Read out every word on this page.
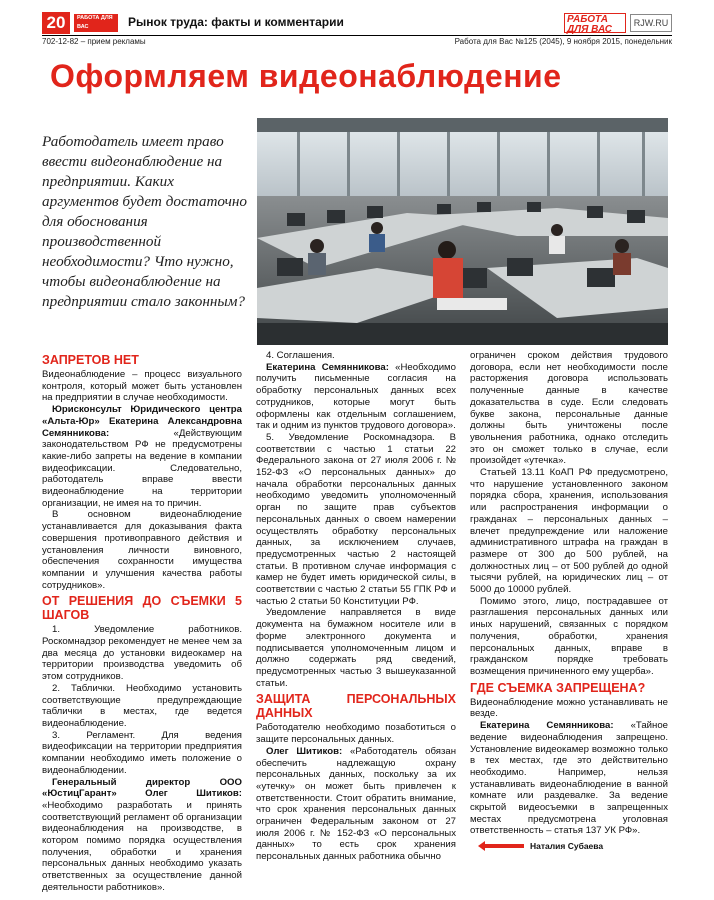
20	РАБОТА ДЛЯ ВАС	Рынок труда: факты и комментарии	РАБОТА ДЛЯ ВАС
RJW.RU
702-12-82 – прием рекламы	Работа для Вас №125 (2045), 9 ноября 2015, понедельник
Оформляем видеонаблюдение
Работодатель имеет право ввести видеонаблюдение на предприятии. Каких аргументов будет достаточно для обоснования производственной необходимости? Что нужно, чтобы видеонаблюдение на предприятии стало законным?
ЗАПРЕТОВ НЕТ

Видеонаблюдение – процесс визуального контроля, который может быть установлен на предприятии в случае необходимости.

Юрисконсульт Юридического центра «Альта-Юр» Екатерина Александровна Семянникова:	«Действующим законодательством РФ не предусмотрены какие-либо запреты на ведение в компании видеофиксации. Следовательно, работодатель вправе ввести видеонаблюдение на территории организации, не имея на то причин.

В основном видеонаблюдение устанавливается для доказывания факта совершения противоправного действия и установления личности виновного, обеспечения сохранности имущества компании и улучшения качества работы сотрудников».

ОТ РЕШЕНИЯ ДО СЪЕМКИ 5 ШАГОВ

1. Уведомление работников. Роскомнадзор рекомендует не менее чем за два месяца до установки видеокамер на территории производства уведомить об этом сотрудников.

2. Таблички. Необходимо установить соответствующие предупреждающие таблички в местах, где ведется видеонаблюдение.

3. Регламент. Для ведения видеофиксации на территории предприятия компании необходимо иметь положение о видеонаблюдении.

Генеральный директор ООО «ЮстицГарант» Олег Шитиков: «Необходимо разработать и принять соответствующий регламент об организации видеонаблюдения на производстве, в котором помимо порядка осуществления получения, обработки и хранения персональных данных необходимо указать ответственных за осуществление данной деятельности работников».

4. Соглашения.

Екатерина Семянникова: «Необходимо получить письменные согласия на обработку персональных данных всех сотрудников, которые могут быть оформлены как отдельным соглашением, так и одним из пунктов трудового договора».

5. Уведомление Роскомнадзора. В соответствии с частью 1 статьи 22 Федерального закона от 27 июля 2006 г. № 152-ФЗ «О персональных данных» до начала обработки персональных данных необходимо уведомить уполномоченный орган по защите прав субъектов персональных данных о своем намерении осуществлять обработку персональных данных, за исключением случаев, предусмотренных частью 2 настоящей статьи. В противном случае информация с камер не будет иметь юридической силы, в соответствии с частью 2 статьи 55 ГПК РФ и частью 2 статьи 50 Конституции РФ.

Уведомление направляется в виде документа на бумажном носителе или в форме электронного документа и подписывается уполномоченным лицом и должно содержать ряд сведений, предусмотренных частью 3 вышеуказанной статьи.

ЗАЩИТА ПЕРСОНАЛЬНЫХ ДАННЫХ

Работодателю необходимо позаботиться о защите персональных данных.

Олег Шитиков: «Работодатель обязан обеспечить надлежащую охрану персональных данных, поскольку за их «утечку» он может быть привлечен к ответственности. Стоит обратить внимание, что срок хранения персональных данных ограничен Федеральным законом от 27 июля 2006 г. № 152-ФЗ «О персональных данных» то есть срок хранения персональных данных работника обычно

ограничен сроком действия трудового договора, если нет необходимости после расторжения договора использовать полученные данные в качестве доказательства в суде. Если следовать букве закона, персональные данные должны быть уничтожены после увольнения работника, однако отследить это он сможет только в случае, если произойдет «утечка».

Статьей 13.11 КоАП РФ предусмотрено, что нарушение установленного законом порядка сбора, хранения, использования или распространения информации о гражданах – персональных данных – влечет предупреждение или наложение административного штрафа на граждан в размере от 300 до 500 рублей, на должностных лиц – от 500 рублей до одной тысячи рублей, на юридических лиц – от 5000 до 10000 рублей.

Помимо этого, лицо, пострадавшее от разглашения персональных данных или иных нарушений, связанных с порядком получения, обработки, хранения персональных данных, вправе в гражданском порядке требовать возмещения причиненного ему ущерба».

ГДЕ СЪЕМКА ЗАПРЕЩЕНА?

Видеонаблюдение можно устанавливать не везде.

Екатерина Семянникова: «Тайное ведение видеонаблюдения запрещено. Установление видеокамер возможно только в тех местах, где это действительно необходимо. Например, нельзя устанавливать видеонаблюдение в ванной комнате или раздевалке. За ведение скрытой видеосъемки в запрещенных местах предусмотрена уголовная ответственность – статья 137 УК РФ».

Наталия Субаева
